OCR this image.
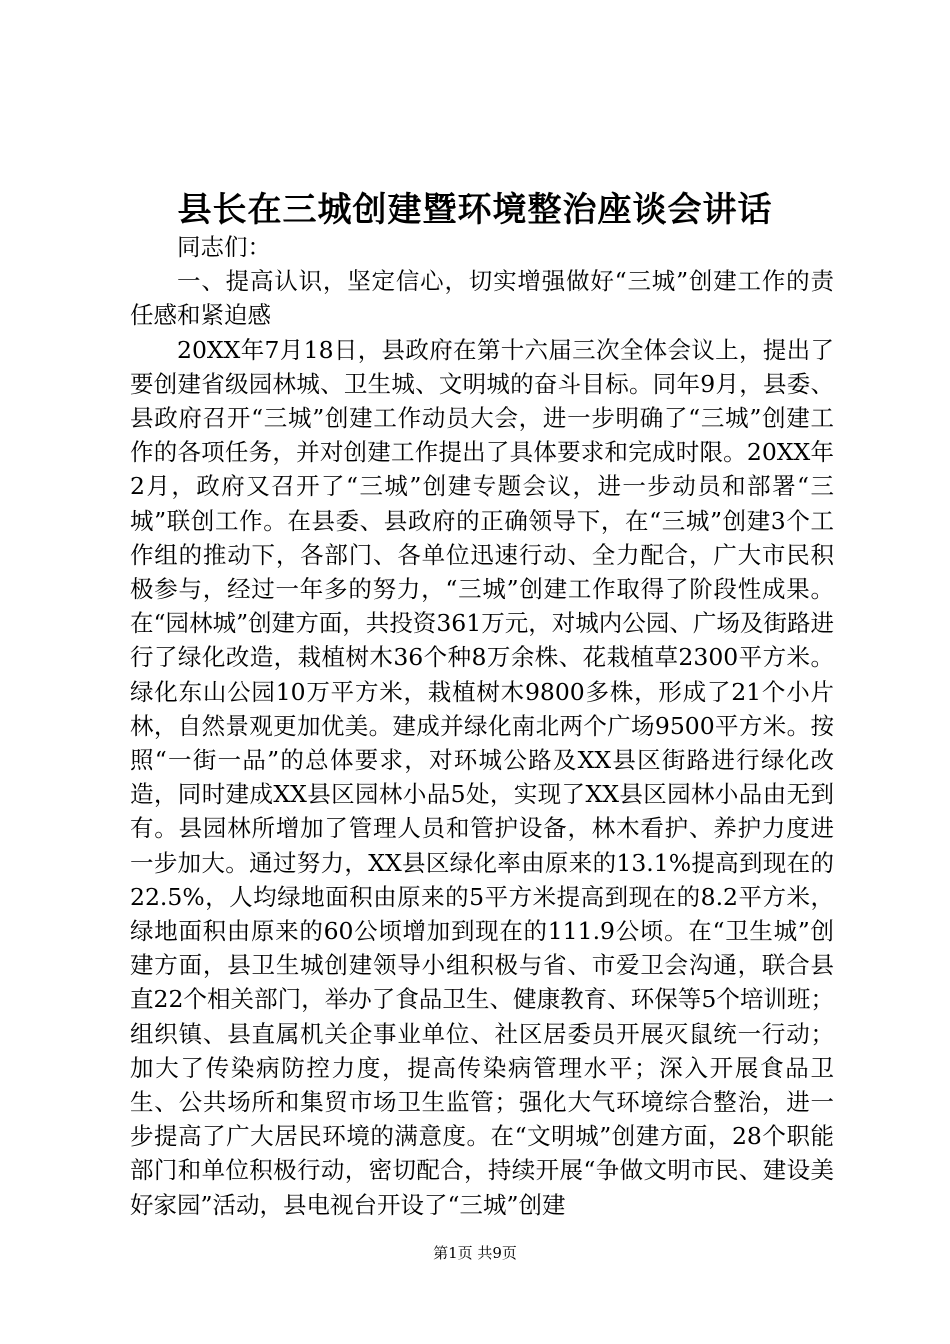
县长在三城创建暨环境整治座谈会讲话

同志们：

一、提高认识，坚定信心，切实增强做好“三城”创建工作的责任感和紧迫感

20XX年7月18日，县政府在第十六届三次全体会议上，提出了要创建省级园林城、卫生城、文明城的奋斗目标。同年9月，县委、县政府召开“三城”创建工作动员大会，进一步明确了“三城”创建工作的各项任务，并对创建工作提出了具体要求和完成时限。20XX年2月，政府又召开了“三城”创建专题会议，进一步动员和部署“三城”联创工作。在县委、县政府的正确领导下，在“三城”创建3个工作组的推动下，各部门、各单位迅速行动、全力配合，广大市民积极参与，经过一年多的努力，“三城”创建工作取得了阶段性成果。在“园林城”创建方面，共投资361万元，对城内公园、广场及街路进行了绿化改造，栽植树木36个种8万余株、花栽植草2300平方米。绿化东山公园10万平方米，栽植树木9800多株，形成了21个小片林，自然景观更加优美。建成并绿化南北两个广场9500平方米。按照“一街一品”的总体要求，对环城公路及XX县区街路进行绿化改造，同时建成XX县区园林小品5处，实现了XX县区园林小品由无到有。县园林所增加了管理人员和管护设备，林木看护、养护力度进一步加大。通过努力，XX县区绿化率由原来的13.1%提高到现在的22.5%，人均绿地面积由原来的5平方米提高到现在的8.2平方米，绿地面积由原来的60公顷增加到现在的111.9公顷。在“卫生城”创建方面，县卫生城创建领导小组积极与省、市爱卫会沟通，联合县直22个相关部门，举办了食品卫生、健康教育、环保等5个培训班；组织镇、县直属机关企事业单位、社区居委员开展灭鼠统一行动；加大了传染病防控力度，提高传染病管理水平；深入开展食品卫生、公共场所和集贸市场卫生监管；强化大气环境综合整治，进一步提高了广大居民环境的满意度。在“文明城”创建方面，28个职能部门和单位积极行动，密切配合，持续开展“争做文明市民、建设美好家园”活动，县电视台开设了“三城”创建

第1页 共9页
